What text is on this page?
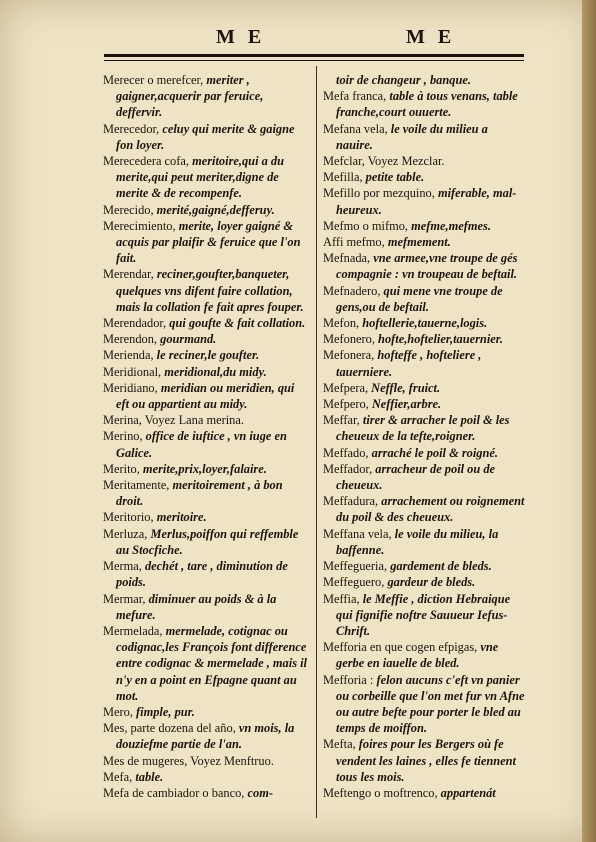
M E	M E
Merecer o merefcer, meriter , gaigner,acquerir par feruice, deffervir.
Merecedor, celuy qui merite & gaigne fon loyer.
Merecedera cofa, meritoire,qui a du merite,qui peut meriter,digne de merite & de recompenfe.
Merecido, merité,gaigné,defferuy.
Merecimiento, merite, loyer gaigné & acquis par plaifir & feruice que l'on fait.
Merendar, reciner,goufter,banqueter, quelques vns difent faire collation, mais la collation fe fait apres fouper.
Merendador, qui goufte & fait collation.
Merendon, gourmand.
Merienda, le reciner,le goufter.
Meridional, meridional,du midy.
Meridiano, meridian ou meridien, qui eft ou appartient au midy.
Merina, Voyez Lana merina.
Merino, office de iuftice , vn iuge en Galice.
Merito, merite,prix,loyer,falaire.
Meritamente, meritoirement , à bon droit.
Meritorio, meritoire.
Merluza, Merlus,poiffon qui reffemble au Stocfiche.
Merma, dechét , tare , diminution de poids.
Mermar, diminuer au poids & à la mefure.
Mermelada, mermelade, cotignac ou codignac,les François font difference entre codignac & mermelade , mais il n'y en a point en Efpagne quant au mot.
Mero, fimple, pur.
Mes, parte dozena del año, vn mois, la douziefme partie de l'an.
Mes de mugeres, Voyez Menftruo.
Mefa, table.
Mefa de cambiador o banco, com-
toir de changeur , banque.
Mefa franca, table à tous venans, table franche,court ouuerte.
Mefana vela, le voile du milieu a nauire.
Mefclar, Voyez Mezclar.
Mefilla, petite table.
Mefillo por mezquino, miferable, mal-heureux.
Mefmo o mifmo, mefme,mefmes.
Affi mefmo, mefmement.
Mefnada, vne armee,vne troupe de gés compagnie : vn troupeau de beftail.
Mefnadero, qui mene vne troupe de gens,ou de beftail.
Mefon, hoftellerie,tauerne,logis.
Mefonero, hofte,hoftelier,tauernier.
Mefonera, hofteffe , hofteliere , tauerniere.
Mefpera, Neffle, fruict.
Mefpero, Neffier,arbre.
Meffar, tirer & arracher le poil & les cheueux de la tefte,roigner.
Meffado, arraché le poil & roigné.
Meffador, arracheur de poil ou de cheueux.
Meffadura, arrachement ou roignement du poil & des cheueux.
Meffana vela, le voile du milieu, la baffenne.
Meffegueria, gardement de bleds.
Meffeguero, gardeur de bleds.
Meffia, le Meffie , diction Hebraique qui fignifie noftre Sauueur Iefus-Chrift.
Mefforia en que cogen efpigas, vne gerbe en iauelle de bled.
Mefforia : felon aucuns c'eft vn panier ou corbeille que l'on met fur vn Afne ou autre befte pour porter le bled au temps de moiffon.
Mefta, foires pour les Bergers où fe vendent les laines , elles fe tiennent tous les mois.
Meftengo o moftrenco, appartenát
